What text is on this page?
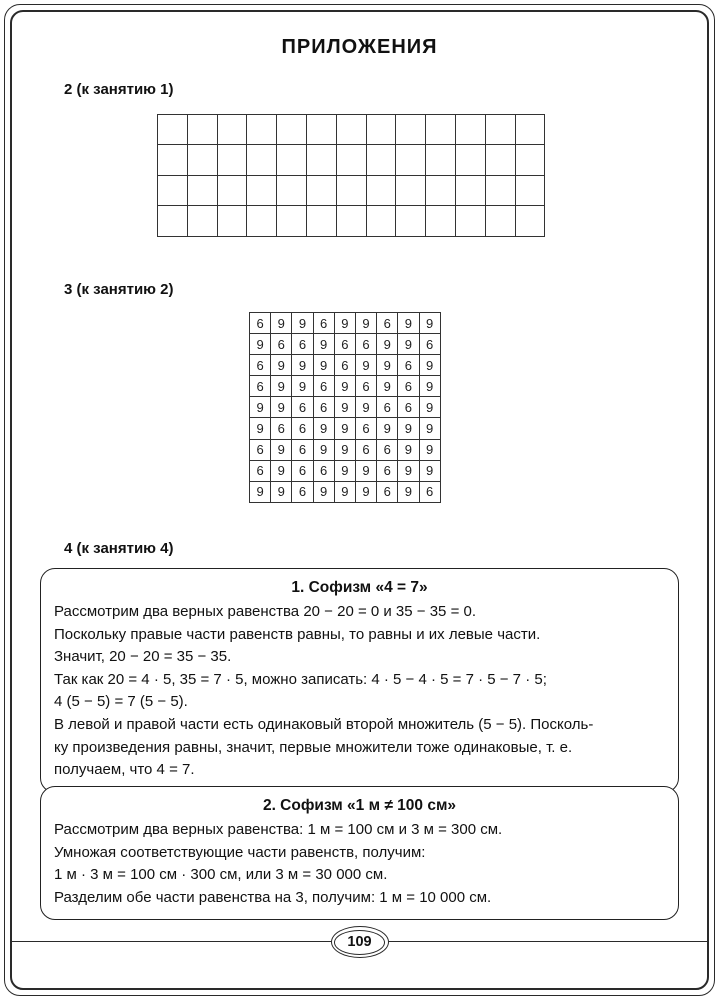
ПРИЛОЖЕНИЯ
2 (к занятию 1)

3 (к занятию 2)
6	9	9	6	9	9	6	9	9
9	6	6	9	6	6	9	9	6
6	9	9	9	6	9	9	6	9
6	9	9	6	9	6	9	6	9
9	9	6	6	9	9	6	6	9
9	6	6	9	9	6	9	9	9
6	9	6	9	9	6	6	9	9
6	9	6	6	9	9	6	9	9
9	9	6	9	9	9	6	9	6
4 (к занятию 4)
1. Софизм «4 = 7»
Рассмотрим два верных равенства 20 − 20 = 0 и 35 − 35 = 0.
Поскольку правые части равенств равны, то равны и их левые части.
Значит, 20 − 20 = 35 − 35.
Так как 20 = 4 · 5, 35 = 7 · 5, можно записать: 4 · 5 − 4 · 5 = 7 · 5 − 7 · 5;
4 (5 − 5) = 7 (5 − 5).
В левой и правой части есть одинаковый второй множитель (5 − 5). Посколь-
ку произведения равны, значит, первые множители тоже одинаковые, т. е.
получаем, что 4 = 7.
2. Софизм «1 м ≠ 100 см»
Рассмотрим два верных равенства: 1 м = 100 см и 3 м = 300 см.
Умножая соответствующие части равенств, получим:
1 м · 3 м = 100 см · 300 см, или 3 м = 30 000 см.
Разделим обе части равенства на 3, получим: 1 м = 10 000 см.
109
